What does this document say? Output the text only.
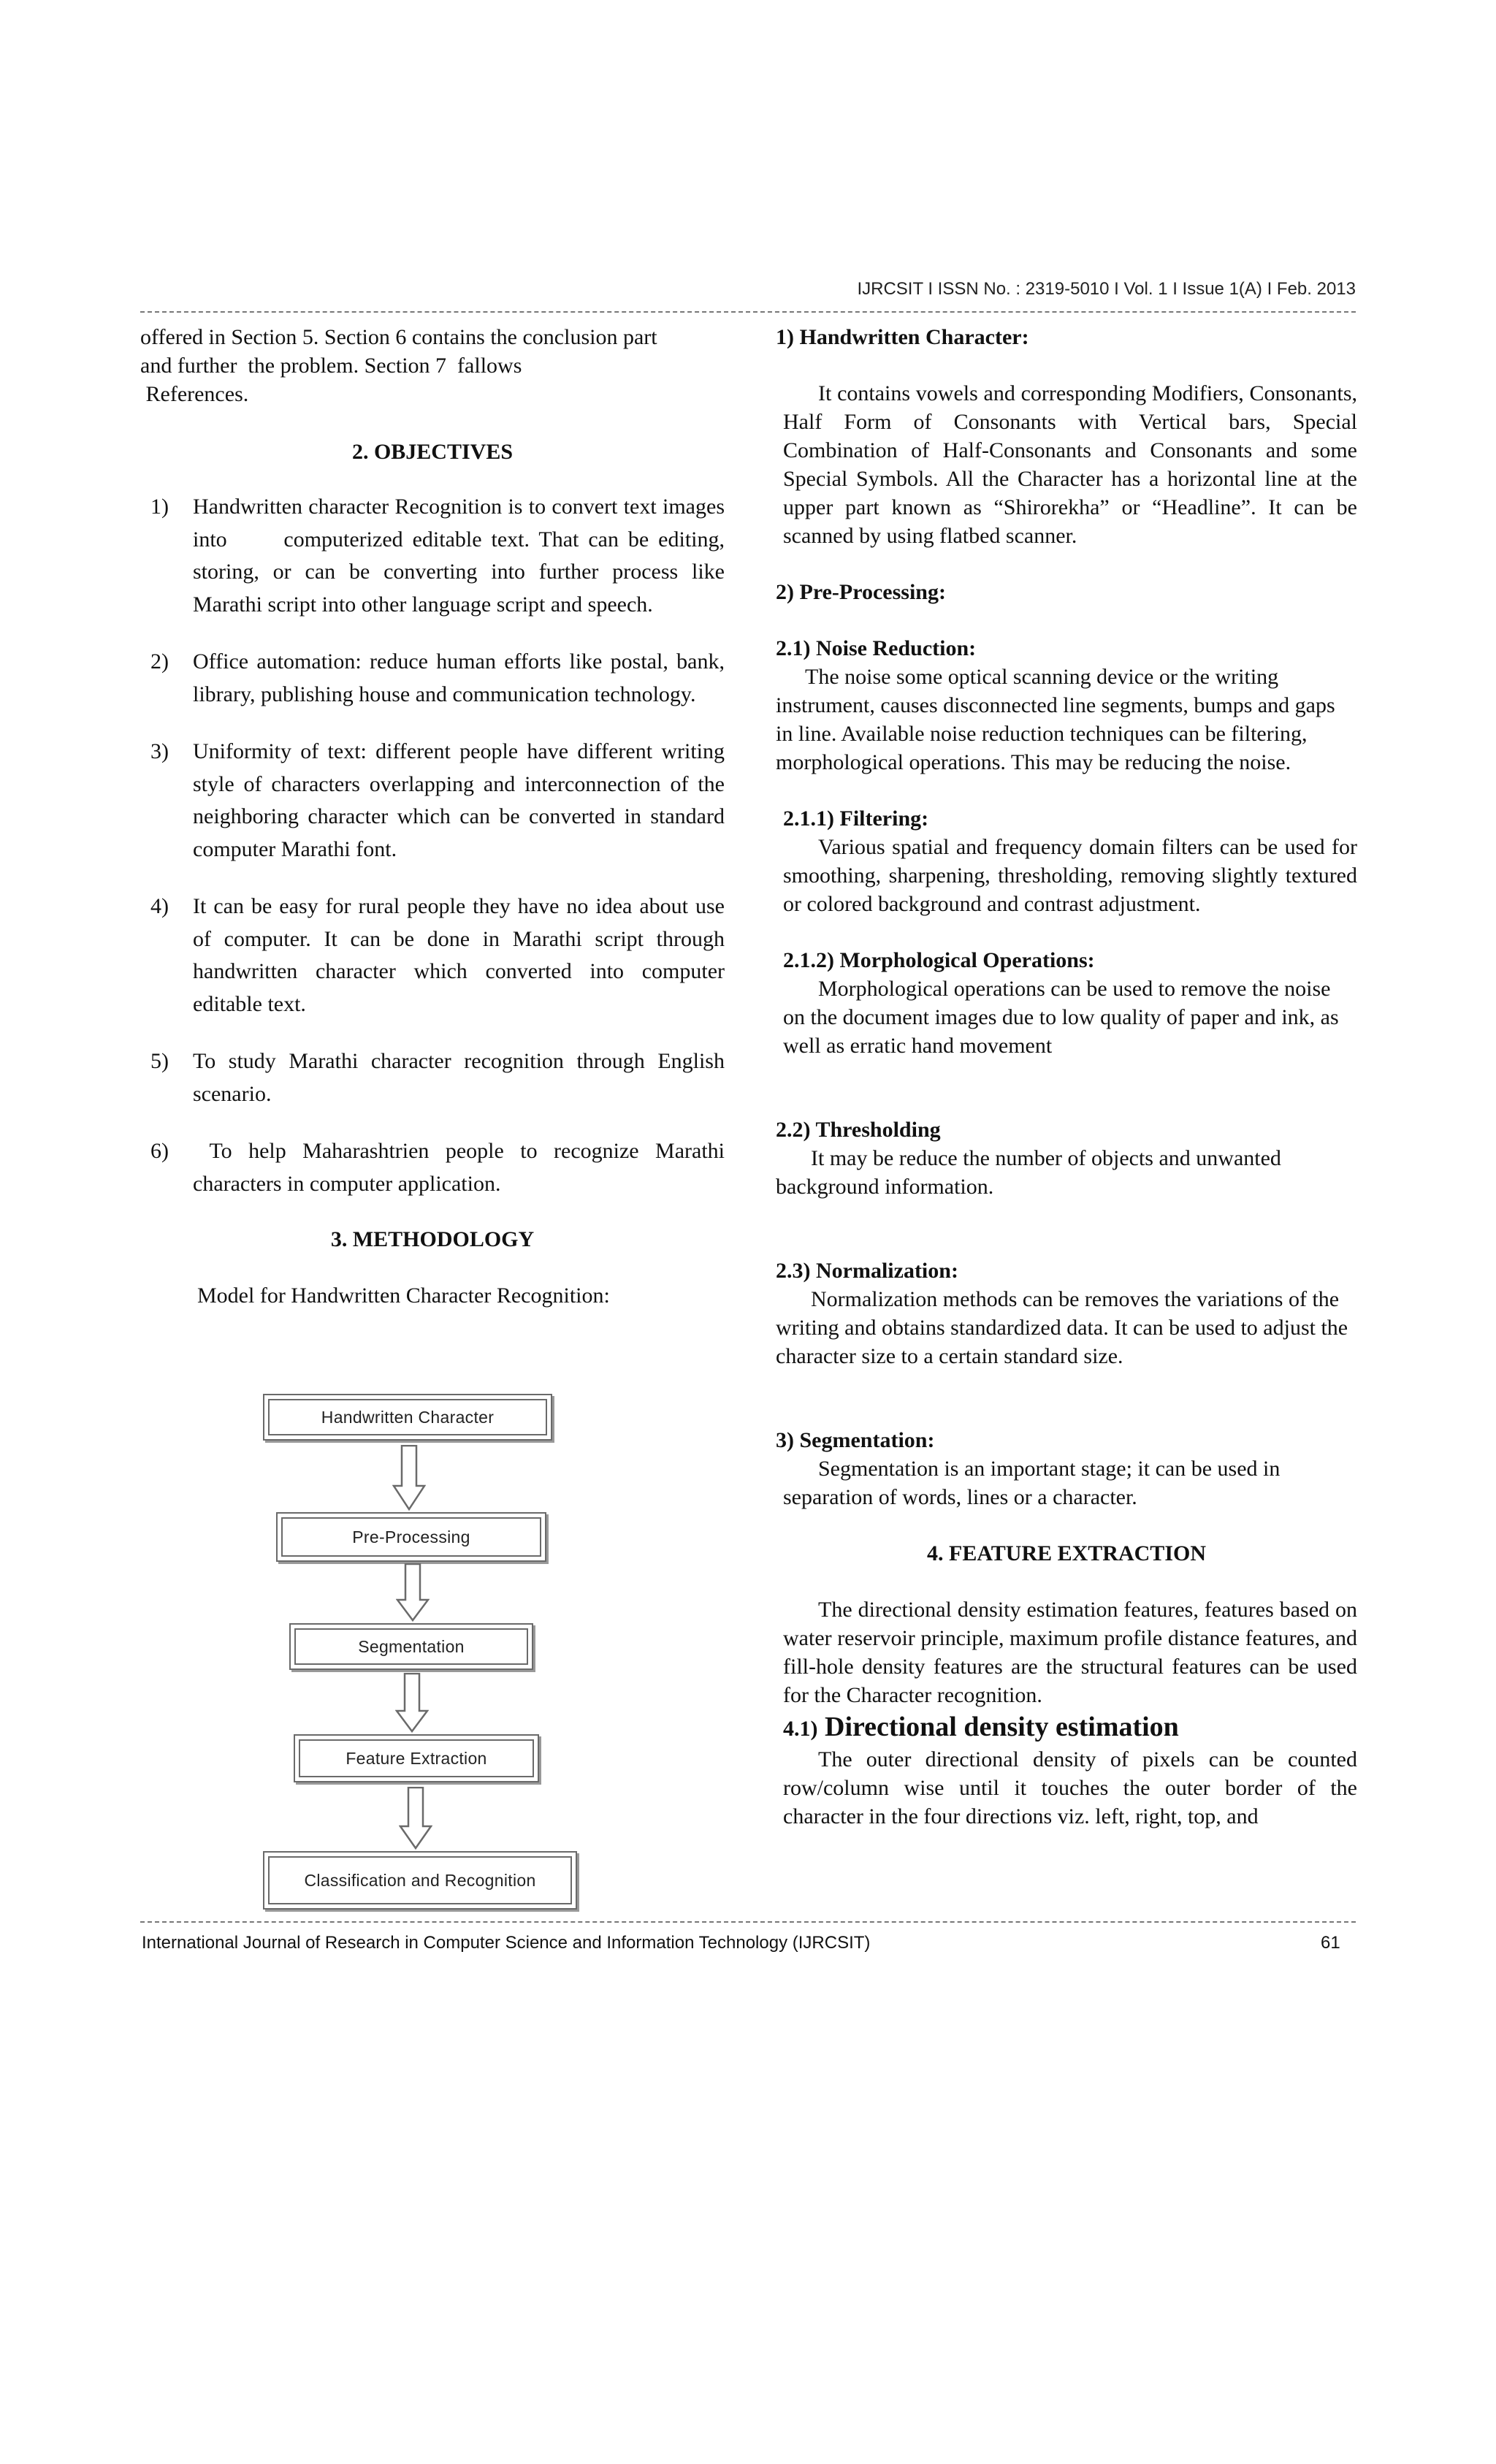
IJRCSIT I ISSN No. : 2319-5010 I Vol. 1 I Issue 1(A) I Feb. 2013

offered in Section 5. Section 6 contains the conclusion part

and further  the problem. Section 7  fallows

References.

2. OBJECTIVES

1) Handwritten character Recognition is to convert text images into      computerized editable text. That can be editing, storing, or can be converting into further process like Marathi script into other language script and speech.
2) Office automation: reduce human efforts like postal, bank, library, publishing house and communication technology.
3) Uniformity of text: different people have different writing style of characters overlapping and interconnection of the neighboring character which can be converted in standard computer Marathi font.
4) It can be easy for rural people they have no idea about use of computer. It can be done in Marathi script through handwritten character which converted into computer editable text.
5) To study Marathi character recognition through English scenario.
6) To help Maharashtrien people to recognize Marathi characters in computer application.

3. METHODOLOGY

Model for Handwritten Character Recognition:

Handwritten Character
Pre-Processing
Segmentation
Feature Extraction
Classification and Recognition

1) Handwritten Character:

It contains vowels and corresponding Modifiers, Consonants, Half Form of Consonants with Vertical bars, Special Combination of Half-Consonants and Consonants and some Special Symbols. All the Character has a horizontal line at the upper part known as “Shirorekha” or “Headline”. It can be scanned by using flatbed scanner.

2) Pre-Processing:

2.1) Noise Reduction:

The noise some optical scanning device or the writing instrument, causes disconnected line segments, bumps and gaps in line. Available noise reduction techniques can be filtering, morphological operations. This may be reducing the noise.

2.1.1) Filtering:

Various spatial and frequency domain filters can be used for smoothing, sharpening, thresholding, removing slightly textured or colored background and contrast adjustment.

2.1.2) Morphological Operations:

Morphological operations can be used to remove the noise on the document images due to low quality of paper and ink, as well as erratic hand movement

2.2) Thresholding

It may be reduce the number of objects and unwanted background information.

2.3) Normalization:

Normalization methods can be removes the variations of the writing and obtains standardized data. It can be used to adjust the character size to a certain standard size.

3) Segmentation:

Segmentation is an important stage; it can be used in separation of words, lines or a character.

4. FEATURE EXTRACTION

The directional density estimation features, features based on water reservoir principle, maximum profile distance features, and fill-hole density features are the structural features can be used for the Character recognition.

4.1) Directional density estimation

The outer directional density of pixels can be counted row/column wise until it touches the outer border of the character in the four directions viz. left, right, top, and

International Journal of Research in Computer Science and Information Technology (IJRCSIT)	61
